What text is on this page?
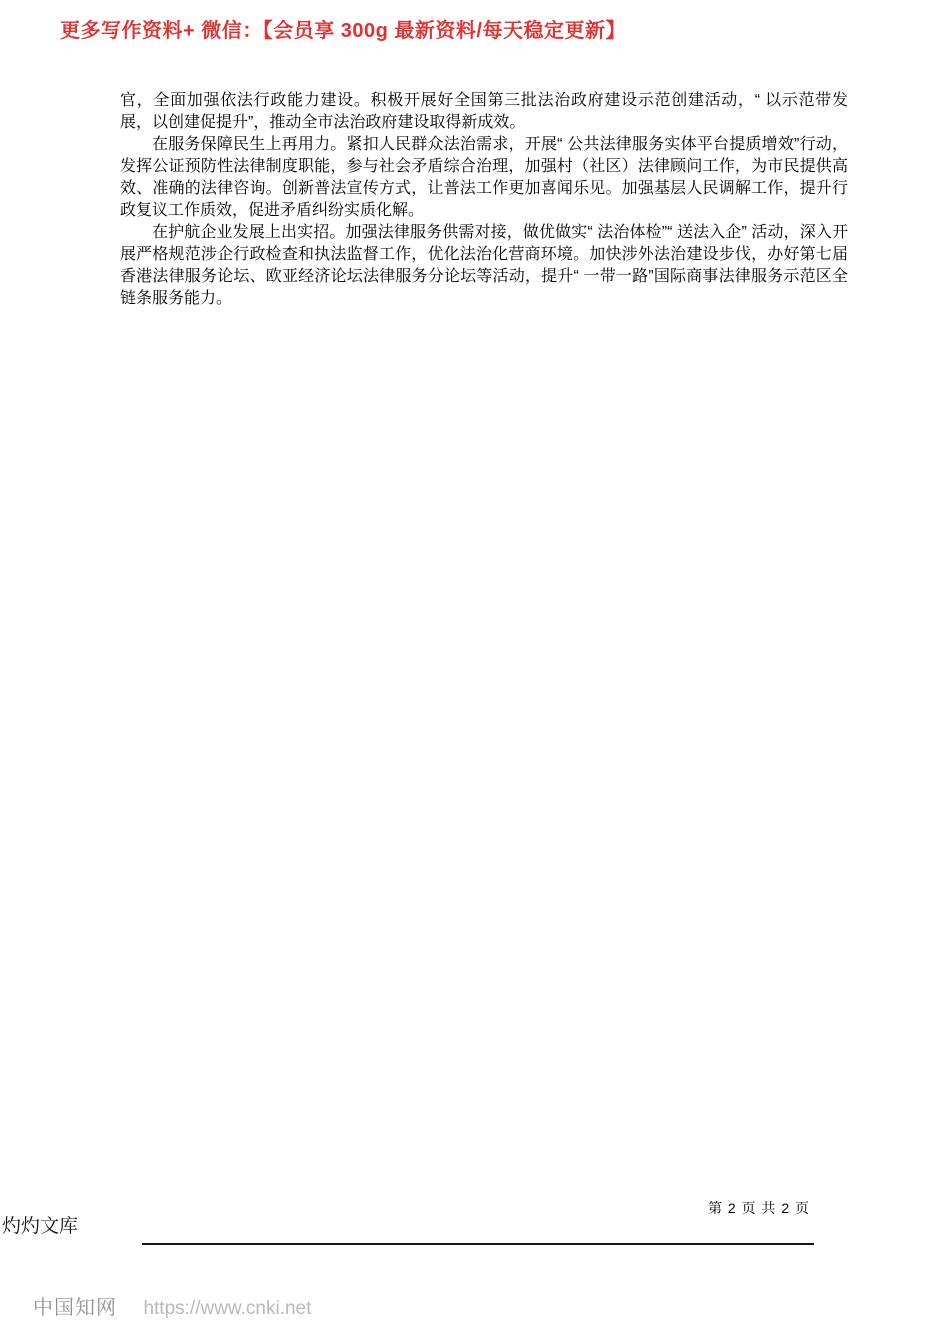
更多写作资料+ 微信：【会员享 300g 最新资料/每天稳定更新】

官，全面加强依法行政能力建设。积极开展好全国第三批法治政府建设示范创建活动，“ 以示范带发展，以创建促提升”，推动全市法治政府建设取得新成效。

在服务保障民生上再用力。紧扣人民群众法治需求，开展“ 公共法律服务实体平台提质增效”行动，发挥公证预防性法律制度职能，参与社会矛盾综合治理，加强村（社区）法律顾问工作，为市民提供高效、准确的法律咨询。创新普法宣传方式，让普法工作更加喜闻乐见。加强基层人民调解工作，提升行政复议工作质效，促进矛盾纠纷实质化解。

在护航企业发展上出实招。加强法律服务供需对接，做优做实“ 法治体检”“ 送法入企” 活动，深入开展严格规范涉企行政检查和执法监督工作，优化法治化营商环境。加快涉外法治建设步伐，办好第七届香港法律服务论坛、欧亚经济论坛法律服务分论坛等活动，提升“ 一带一路”国际商事法律服务示范区全链条服务能力。

第 2 页 共 2 页
灼灼文库
中国知网 https://www.cnki.net
